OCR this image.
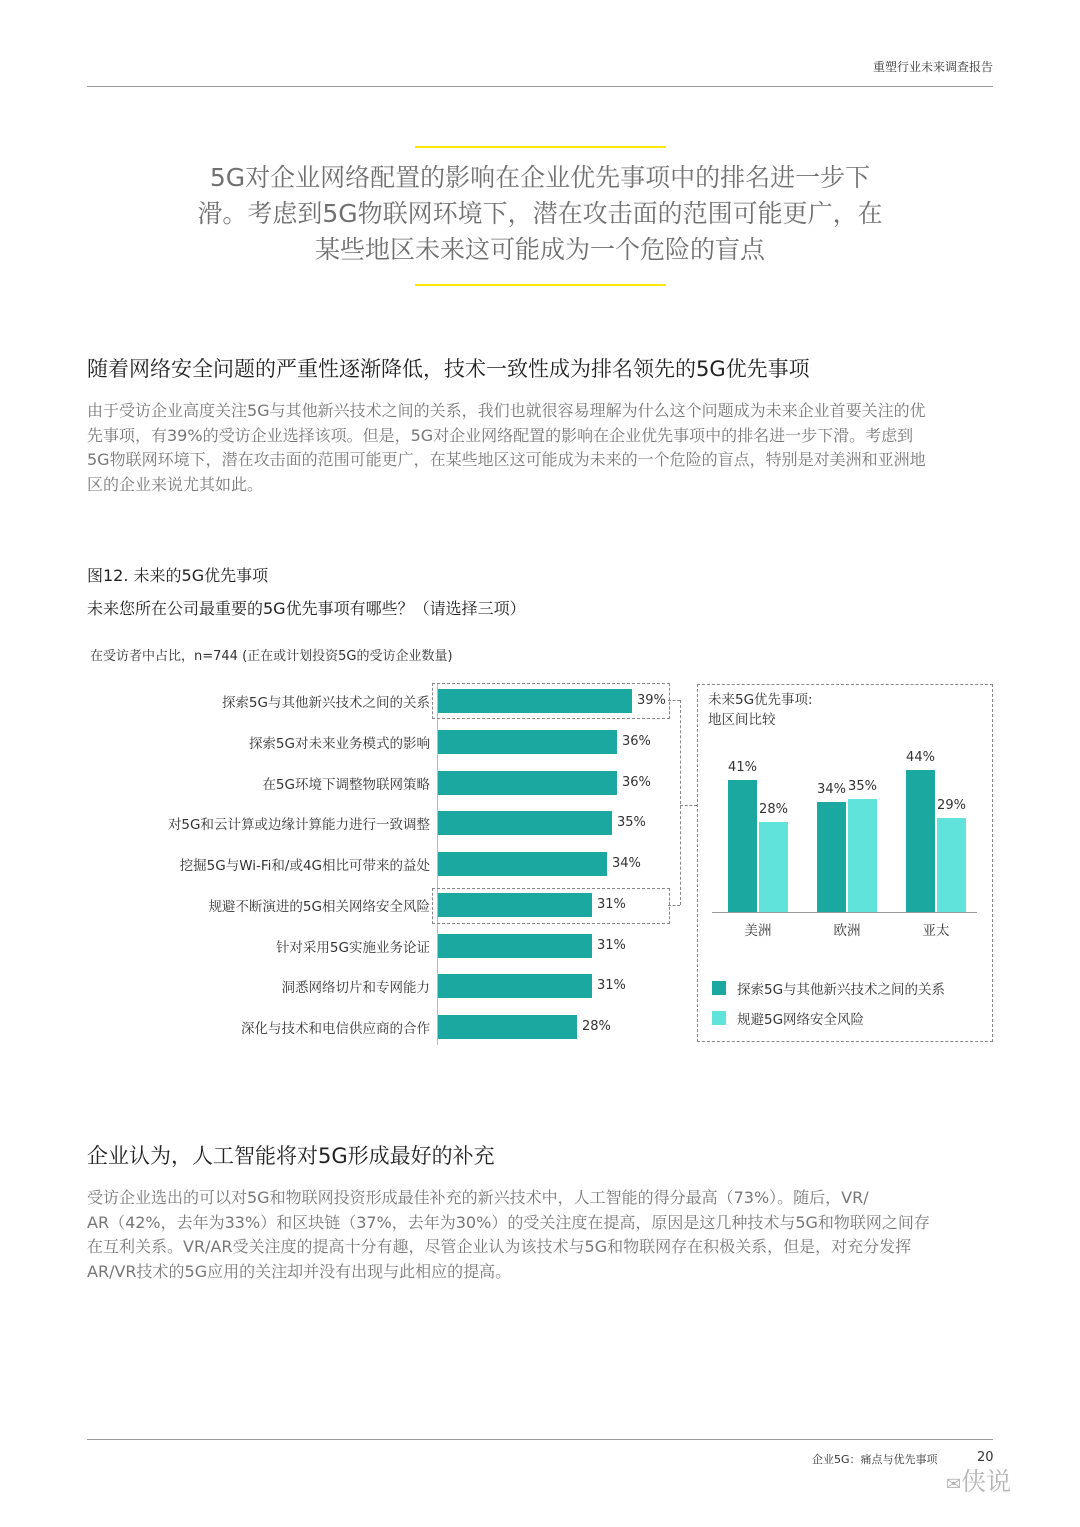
重塑行业未来调查报告
5G对企业网络配置的影响在企业优先事项中的排名进一步下
滑。考虑到5G物联网环境下，潜在攻击面的范围可能更广，在
某些地区未来这可能成为一个危险的盲点
随着网络安全问题的严重性逐渐降低，技术一致性成为排名领先的5G优先事项
由于受访企业高度关注5G与其他新兴技术之间的关系，我们也就很容易理解为什么这个问题成为未来企业首要关注的优
先事项，有39%的受访企业选择该项。但是，5G对企业网络配置的影响在企业优先事项中的排名进一步下滑。考虑到
5G物联网环境下，潜在攻击面的范围可能更广，在某些地区这可能成为未来的一个危险的盲点，特别是对美洲和亚洲地
区的企业来说尤其如此。
图12. 未来的5G优先事项
未来您所在公司最重要的5G优先事项有哪些？（请选择三项）
在受访者中占比，n=744 (正在或计划投资5G的受访企业数量)
探索5G与其他新兴技术之间的关系	39%
探索5G对未来业务模式的影响	36%
在5G环境下调整物联网策略	36%
对5G和云计算或边缘计算能力进行一致调整	35%
挖掘5G与Wi-Fi和/或4G相比可带来的益处	34%
规避不断演进的5G相关网络安全风险	31%
针对采用5G实施业务论证	31%
洞悉网络切片和专网能力	31%
深化与技术和电信供应商的合作	28%
未来5G优先事项:
地区间比较
41%
28%
美洲
34% 35%
欧洲
44%
29%
亚太
探索5G与其他新兴技术之间的关系
规避5G网络安全风险
企业认为，人工智能将对5G形成最好的补充
受访企业选出的可以对5G和物联网投资形成最佳补充的新兴技术中，人工智能的得分最高（73%）。随后，VR/
AR（42%，去年为33%）和区块链（37%，去年为30%）的受关注度在提高，原因是这几种技术与5G和物联网之间存
在互利关系。VR/AR受关注度的提高十分有趣，尽管企业认为该技术与5G和物联网存在积极关系，但是，对充分发挥
AR/VR技术的5G应用的关注却并没有出现与此相应的提高。
企业5G：痛点与优先事项	20
✉侠说
